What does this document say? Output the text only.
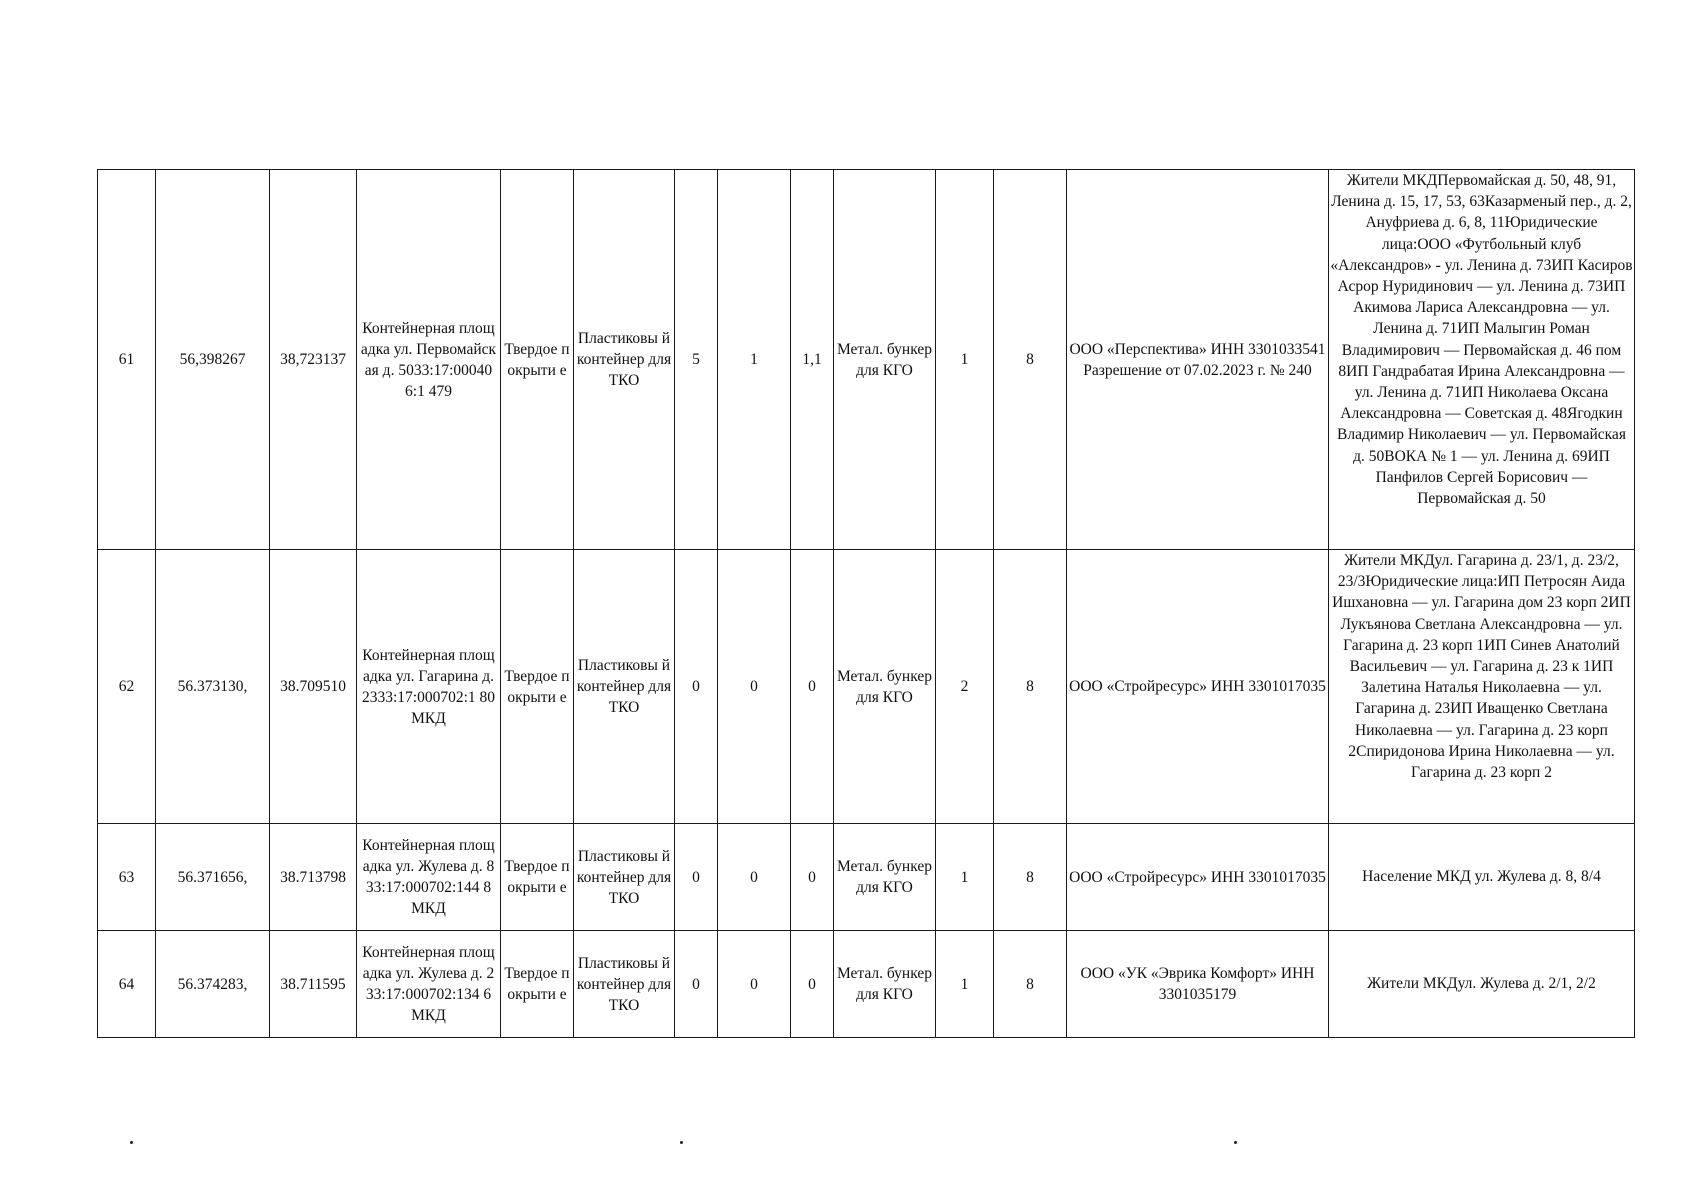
61	56,398267	38,723137	Контейнерная площадка ул. Первомайская д. 5033:17:000406:1 479	Твердое покрыти е	Пластиковы й контейнер для ТКО	5	1	1,1	Метал. бункер для КГО	1	8	ООО «Перспектива» ИНН 3301033541 Разрешение от 07.02.2023 г. № 240	Жители МКДПервомайская д. 50, 48, 91, Ленина д. 15, 17, 53, 63Казарменый пер., д. 2, Ануфриева д. 6, 8, 11Юридические лица:ООО «Футбольный клуб «Александров» - ул. Ленина д. 73ИП Касиров Асрор Нуридинович — ул. Ленина д. 73ИП Акимова Лариса Александровна — ул. Ленина д. 71ИП Малыгин Роман Владимирович — Первомайская д. 46 пом 8ИП Гандрабатая Ирина Александровна — ул. Ленина д. 71ИП Николаева Оксана Александровна — Советская д. 48Ягодкин Владимир Николаевич — ул. Первомайская д. 50ВОКА № 1 — ул. Ленина д. 69ИП Панфилов Сергей Борисович — Первомайская д. 50
62	56.373130,	38.709510	Контейнерная площадка ул. Гагарина д. 2333:17:000702:1 80 МКД	Твердое покрыти е	Пластиковы й контейнер для ТКО	0	0	0	Метал. бункер для КГО	2	8	ООО «Стройресурс» ИНН 3301017035	Жители МКДул. Гагарина д. 23/1, д. 23/2, 23/3Юридические лица:ИП Петросян Аида Ишхановна — ул. Гагарина дом 23 корп 2ИП Лукъянова Светлана Александровна — ул. Гагарина д. 23 корп 1ИП Синев Анатолий Васильевич — ул. Гагарина д. 23 к 1ИП Залетина Наталья Николаевна — ул. Гагарина д. 23ИП Иващенко Светлана Николаевна — ул. Гагарина д. 23 корп 2Спиридонова Ирина Николаевна — ул. Гагарина д. 23 корп 2
63	56.371656,	38.713798	Контейнерная площадка ул. Жулева д. 8 33:17:000702:144 8 МКД	Твердое покрыти е	Пластиковы й контейнер для ТКО	0	0	0	Метал. бункер для КГО	1	8	ООО «Стройресурс» ИНН 3301017035	Население МКД ул. Жулева д. 8, 8/4
64	56.374283,	38.711595	Контейнерная площадка ул. Жулева д. 2 33:17:000702:134 6 МКД	Твердое покрыти е	Пластиковы й контейнер для ТКО	0	0	0	Метал. бункер для КГО	1	8	ООО «УК «Эврика Комфорт» ИНН 3301035179	Жители МКДул. Жулева д. 2/1, 2/2
